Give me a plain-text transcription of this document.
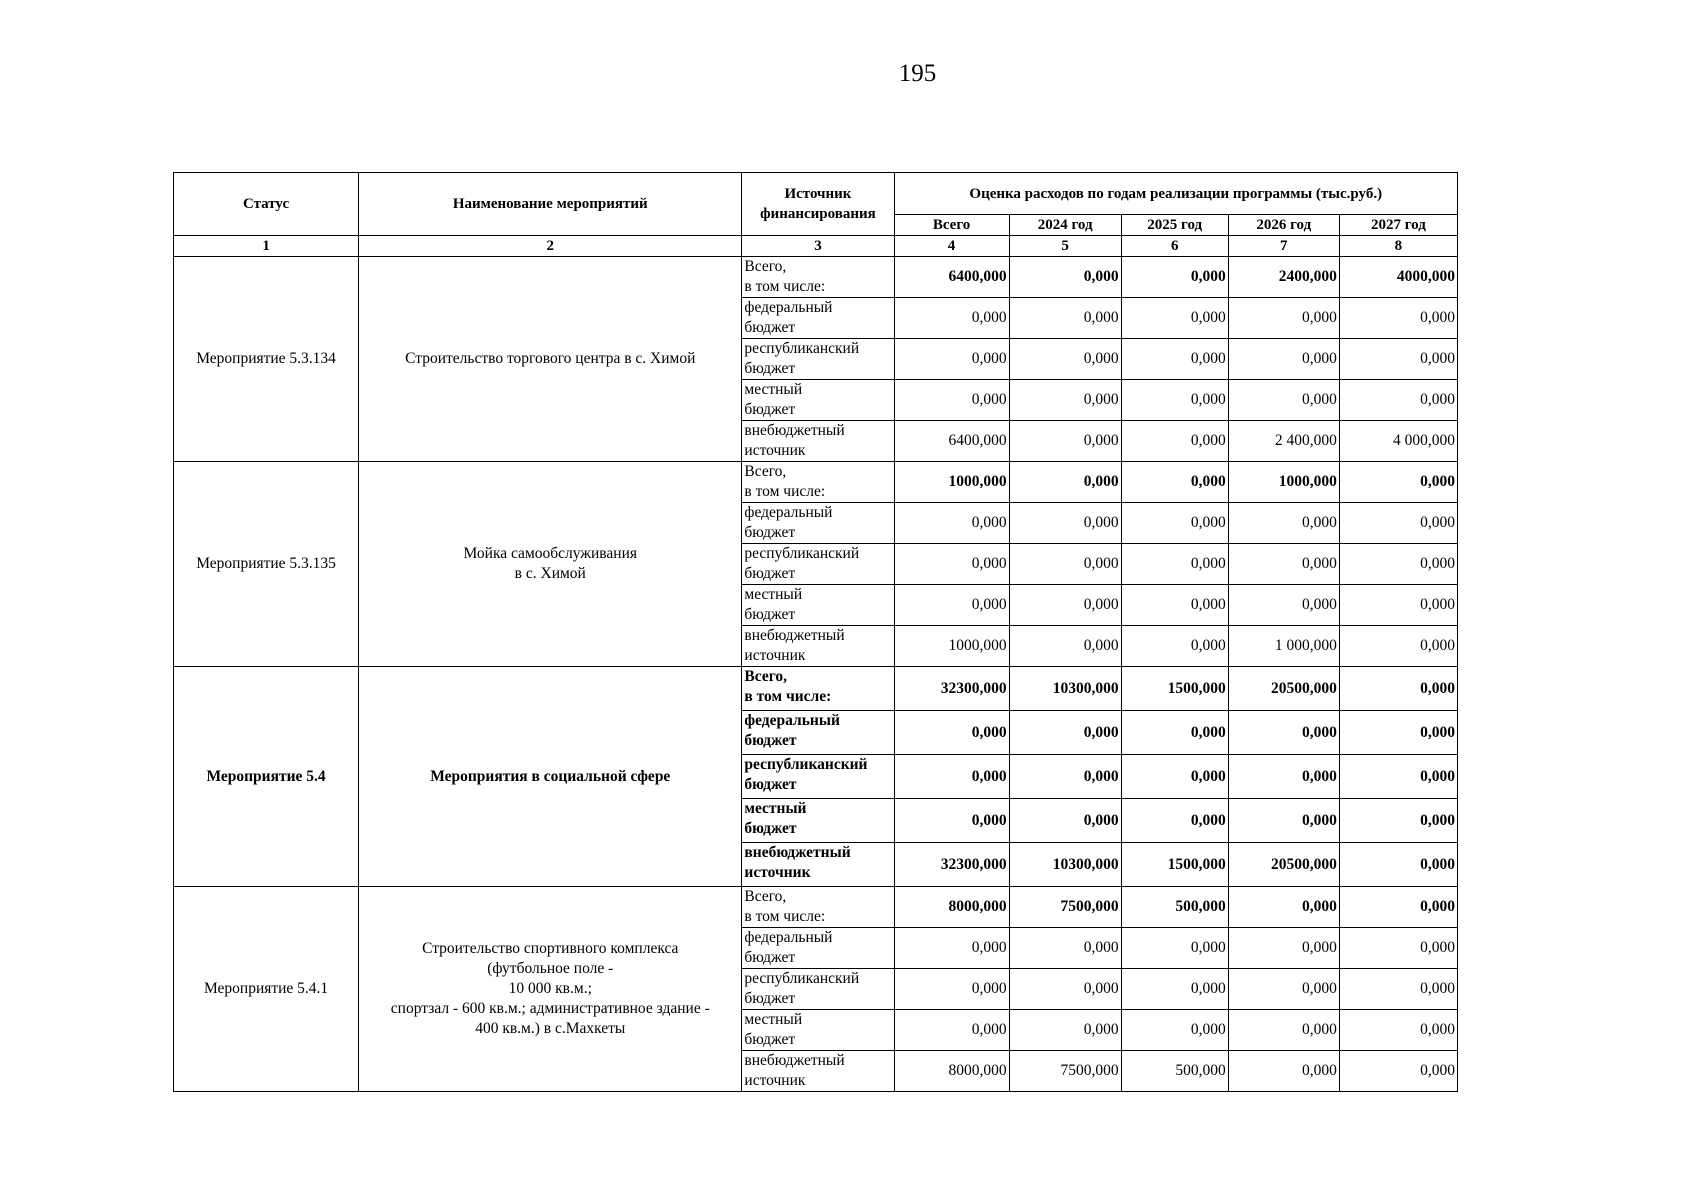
195
Статус	Наименование мероприятий	Источник финансирования	Оценка расходов по годам реализации программы (тыс.руб.)				
			Всего	2024 год	2025 год	2026 год	2027 год
1	2	3	4	5	6	7	8
Мероприятие 5.3.134	Строительство торгового центра в с. Химой	Всего,
в том числе:	6400,000	0,000	0,000	2400,000	4000,000
		федеральный
бюджет	0,000	0,000	0,000	0,000	0,000
		республиканский
бюджет	0,000	0,000	0,000	0,000	0,000
		местный
бюджет	0,000	0,000	0,000	0,000	0,000
		внебюджетный
источник	6400,000	0,000	0,000	2 400,000	4 000,000
Мероприятие 5.3.135	Мойка самообслуживания
в с. Химой	Всего,
в том числе:	1000,000	0,000	0,000	1000,000	0,000
		федеральный
бюджет	0,000	0,000	0,000	0,000	0,000
		республиканский
бюджет	0,000	0,000	0,000	0,000	0,000
		местный
бюджет	0,000	0,000	0,000	0,000	0,000
		внебюджетный
источник	1000,000	0,000	0,000	1 000,000	0,000
Мероприятие 5.4	Мероприятия в социальной сфере	Всего,
в том числе:	32300,000	10300,000	1500,000	20500,000	0,000
		федеральный
бюджет	0,000	0,000	0,000	0,000	0,000
		республиканский
бюджет	0,000	0,000	0,000	0,000	0,000
		местный
бюджет	0,000	0,000	0,000	0,000	0,000
		внебюджетный
источник	32300,000	10300,000	1500,000	20500,000	0,000
Мероприятие 5.4.1	Строительство спортивного комплекса
(футбольное поле -
10 000 кв.м.;
спортзал - 600 кв.м.; административное здание -
400 кв.м.) в с.Махкеты	Всего,
в том числе:	8000,000	7500,000	500,000	0,000	0,000
		федеральный
бюджет	0,000	0,000	0,000	0,000	0,000
		республиканский
бюджет	0,000	0,000	0,000	0,000	0,000
		местный
бюджет	0,000	0,000	0,000	0,000	0,000
		внебюджетный
источник	8000,000	7500,000	500,000	0,000	0,000
